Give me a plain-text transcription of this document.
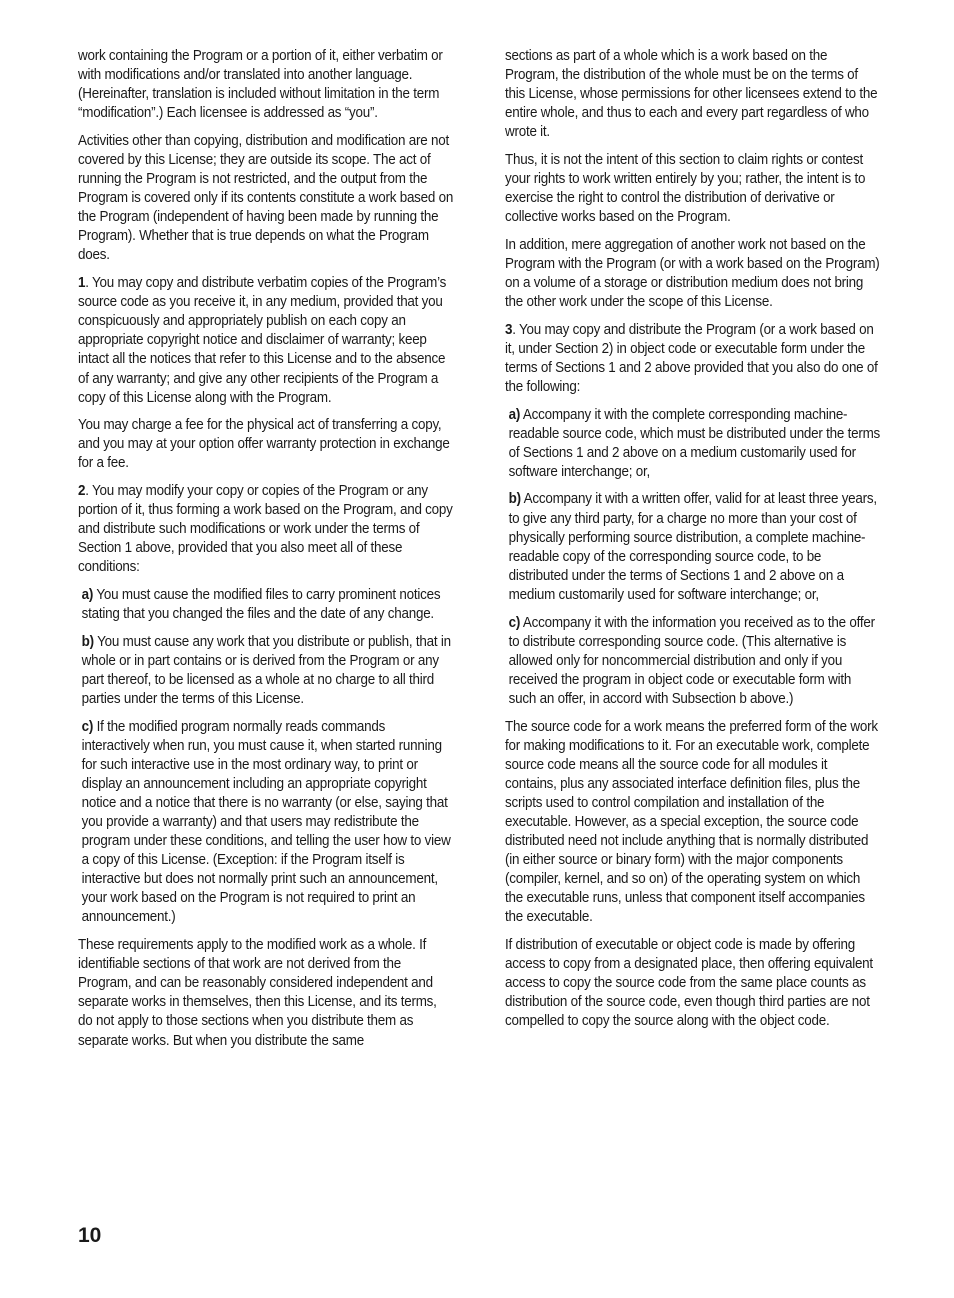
work containing the Program or a portion of it, either verbatim or with modifications and/or translated into another language. (Hereinafter, translation is included without limitation in the term “modification”.) Each licensee is addressed as “you”.

Activities other than copying, distribution and modification are not covered by this License; they are outside its scope. The act of running the Program is not restricted, and the output from the Program is covered only if its contents constitute a work based on the Program (independent of having been made by running the Program). Whether that is true depends on what the Program does.

1. You may copy and distribute verbatim copies of the Program’s source code as you receive it, in any medium, provided that you conspicuously and appropriately publish on each copy an appropriate copyright notice and disclaimer of warranty; keep intact all the notices that refer to this License and to the absence of any warranty; and give any other recipients of the Program a copy of this License along with the Program.

You may charge a fee for the physical act of transferring a copy, and you may at your option offer warranty protection in exchange for a fee.

2. You may modify your copy or copies of the Program or any portion of it, thus forming a work based on the Program, and copy and distribute such modifications or work under the terms of Section 1 above, provided that you also meet all of these conditions:

a) You must cause the modified files to carry prominent notices stating that you changed the files and the date of any change.

b) You must cause any work that you distribute or publish, that in whole or in part contains or is derived from the Program or any part thereof, to be licensed as a whole at no charge to all third parties under the terms of this License.

c) If the modified program normally reads commands interactively when run, you must cause it, when started running for such interactive use in the most ordinary way, to print or display an announcement including an appropriate copyright notice and a notice that there is no warranty (or else, saying that you provide a warranty) and that users may redistribute the program under these conditions, and telling the user how to view a copy of this License. (Exception: if the Program itself is interactive but does not normally print such an announcement, your work based on the Program is not required to print an announcement.)

These requirements apply to the modified work as a whole. If identifiable sections of that work are not derived from the Program, and can be reasonably considered independent and separate works in themselves, then this License, and its terms, do not apply to those sections when you distribute them as separate works. But when you distribute the same

sections as part of a whole which is a work based on the Program, the distribution of the whole must be on the terms of this License, whose permissions for other licensees extend to the entire whole, and thus to each and every part regardless of who wrote it.

Thus, it is not the intent of this section to claim rights or contest your rights to work written entirely by you; rather, the intent is to exercise the right to control the distribution of derivative or collective works based on the Program.

In addition, mere aggregation of another work not based on the Program with the Program (or with a work based on the Program) on a volume of a storage or distribution medium does not bring the other work under the scope of this License.

3. You may copy and distribute the Program (or a work based on it, under Section 2) in object code or executable form under the terms of Sections 1 and 2 above provided that you also do one of the following:

a) Accompany it with the complete corresponding machine-readable source code, which must be distributed under the terms of Sections 1 and 2 above on a medium customarily used for software interchange; or,

b) Accompany it with a written offer, valid for at least three years, to give any third party, for a charge no more than your cost of physically performing source distribution, a complete machine-readable copy of the corresponding source code, to be distributed under the terms of Sections 1 and 2 above on a medium customarily used for software interchange; or,

c) Accompany it with the information you received as to the offer to distribute corresponding source code. (This alternative is allowed only for noncommercial distribution and only if you received the program in object code or executable form with such an offer, in accord with Subsection b above.)

The source code for a work means the preferred form of the work for making modifications to it. For an executable work, complete source code means all the source code for all modules it contains, plus any associated interface definition files, plus the scripts used to control compilation and installation of the executable. However, as a special exception, the source code distributed need not include anything that is normally distributed (in either source or binary form) with the major components (compiler, kernel, and so on) of the operating system on which the executable runs, unless that component itself accompanies the executable.

If distribution of executable or object code is made by offering access to copy from a designated place, then offering equivalent access to copy the source code from the same place counts as distribution of the source code, even though third parties are not compelled to copy the source along with the object code.

10
